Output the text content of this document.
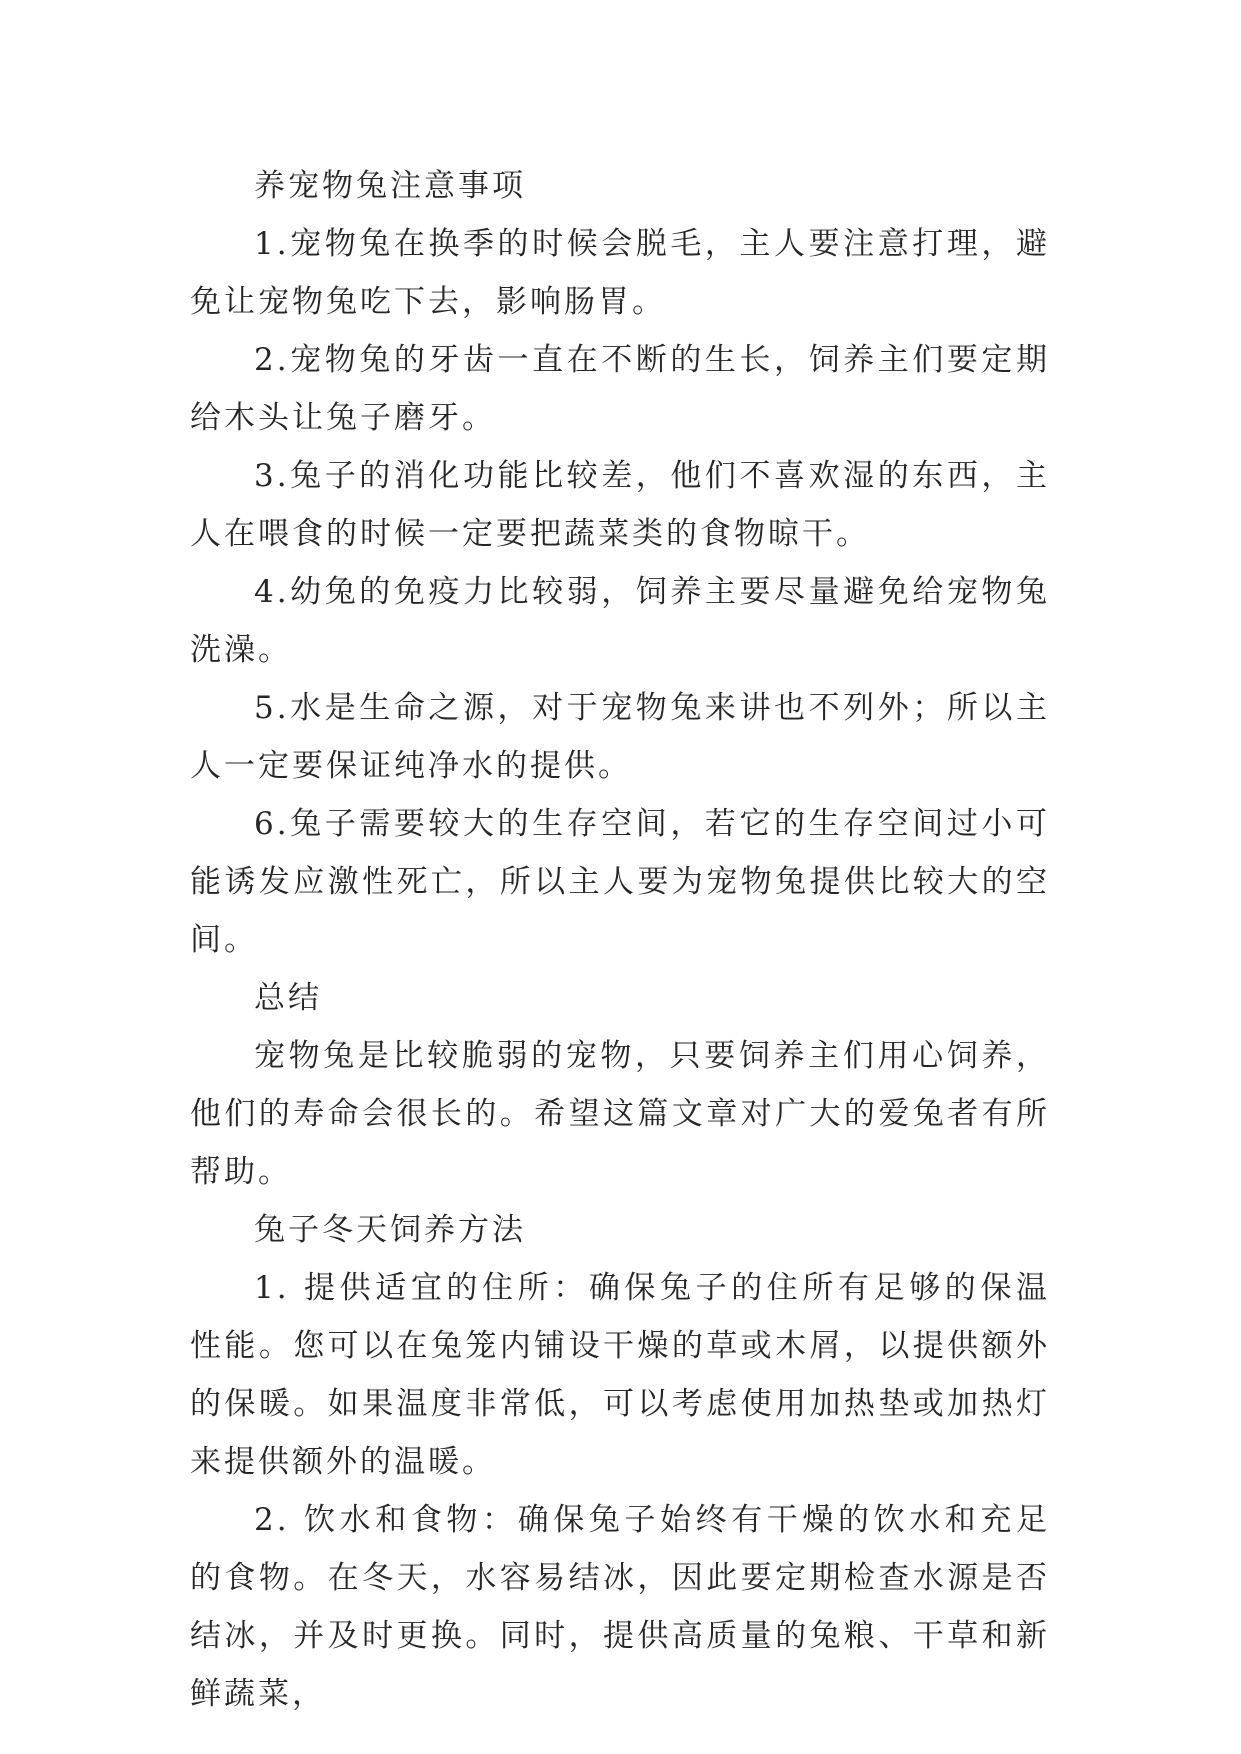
养宠物兔注意事项

1.宠物兔在换季的时候会脱毛，主人要注意打理，避免让宠物兔吃下去，影响肠胃。

2.宠物兔的牙齿一直在不断的生长，饲养主们要定期给木头让兔子磨牙。

3.兔子的消化功能比较差，他们不喜欢湿的东西，主人在喂食的时候一定要把蔬菜类的食物晾干。

4.幼兔的免疫力比较弱，饲养主要尽量避免给宠物兔洗澡。

5.水是生命之源，对于宠物兔来讲也不列外；所以主人一定要保证纯净水的提供。

6.兔子需要较大的生存空间，若它的生存空间过小可能诱发应激性死亡，所以主人要为宠物兔提供比较大的空间。

总结

宠物兔是比较脆弱的宠物，只要饲养主们用心饲养，他们的寿命会很长的。希望这篇文章对广大的爱兔者有所帮助。

兔子冬天饲养方法

1. 提供适宜的住所：确保兔子的住所有足够的保温性能。您可以在兔笼内铺设干燥的草或木屑，以提供额外的保暖。如果温度非常低，可以考虑使用加热垫或加热灯来提供额外的温暖。

2. 饮水和食物：确保兔子始终有干燥的饮水和充足的食物。在冬天，水容易结冰，因此要定期检查水源是否结冰，并及时更换。同时，提供高质量的兔粮、干草和新鲜蔬菜，
